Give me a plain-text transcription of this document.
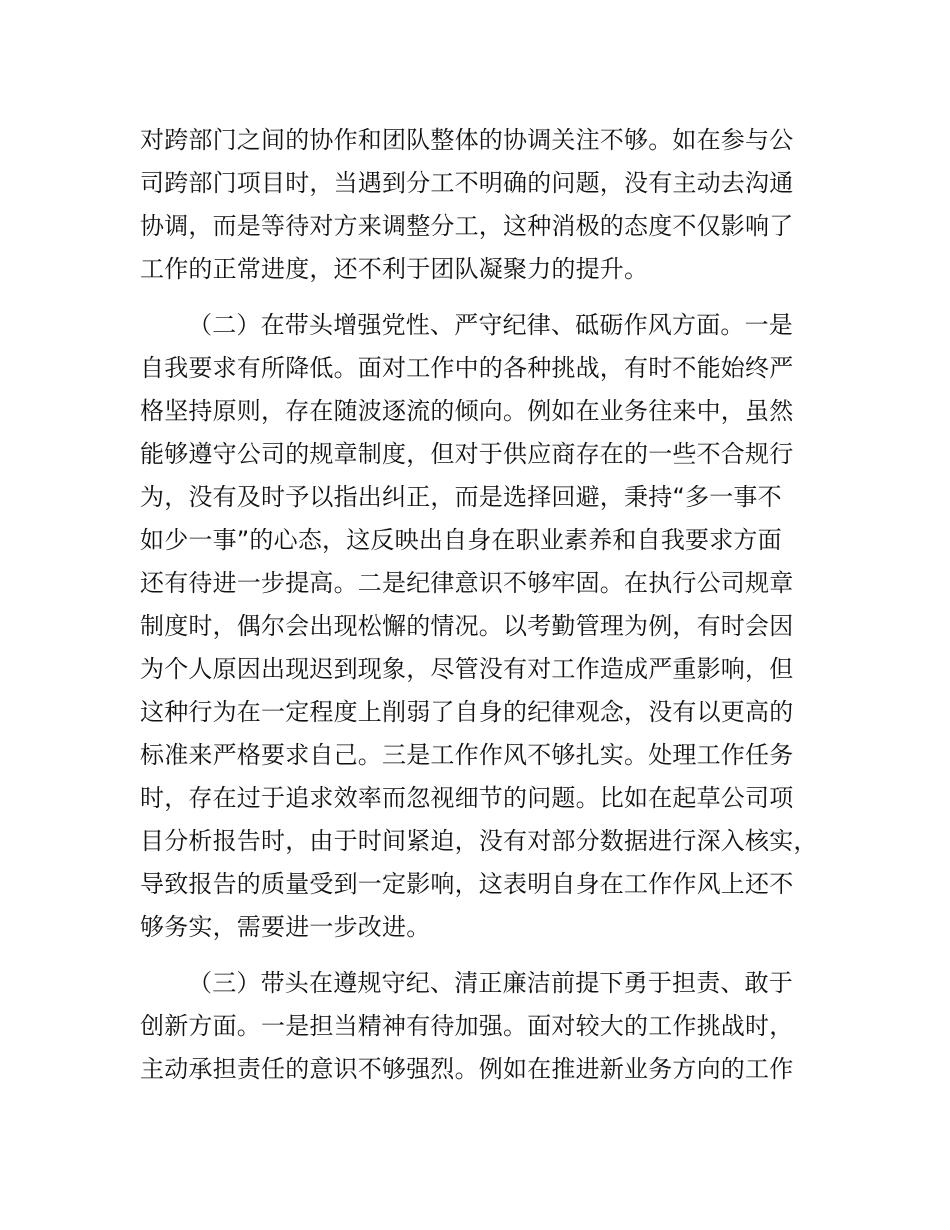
对跨部门之间的协作和团队整体的协调关注不够。如在参与公
司跨部门项目时，当遇到分工不明确的问题，没有主动去沟通
协调，而是等待对方来调整分工，这种消极的态度不仅影响了
工作的正常进度，还不利于团队凝聚力的提升。
（二）在带头增强党性、严守纪律、砥砺作风方面。一是
自我要求有所降低。面对工作中的各种挑战，有时不能始终严
格坚持原则，存在随波逐流的倾向。例如在业务往来中，虽然
能够遵守公司的规章制度，但对于供应商存在的一些不合规行
为，没有及时予以指出纠正，而是选择回避，秉持“多一事不
如少一事”的心态，这反映出自身在职业素养和自我要求方面
还有待进一步提高。二是纪律意识不够牢固。在执行公司规章
制度时，偶尔会出现松懈的情况。以考勤管理为例，有时会因
为个人原因出现迟到现象，尽管没有对工作造成严重影响，但
这种行为在一定程度上削弱了自身的纪律观念，没有以更高的
标准来严格要求自己。三是工作作风不够扎实。处理工作任务
时，存在过于追求效率而忽视细节的问题。比如在起草公司项
目分析报告时，由于时间紧迫，没有对部分数据进行深入核实，
导致报告的质量受到一定影响，这表明自身在工作作风上还不
够务实，需要进一步改进。
（三）带头在遵规守纪、清正廉洁前提下勇于担责、敢于
创新方面。一是担当精神有待加强。面对较大的工作挑战时，
主动承担责任的意识不够强烈。例如在推进新业务方向的工作
